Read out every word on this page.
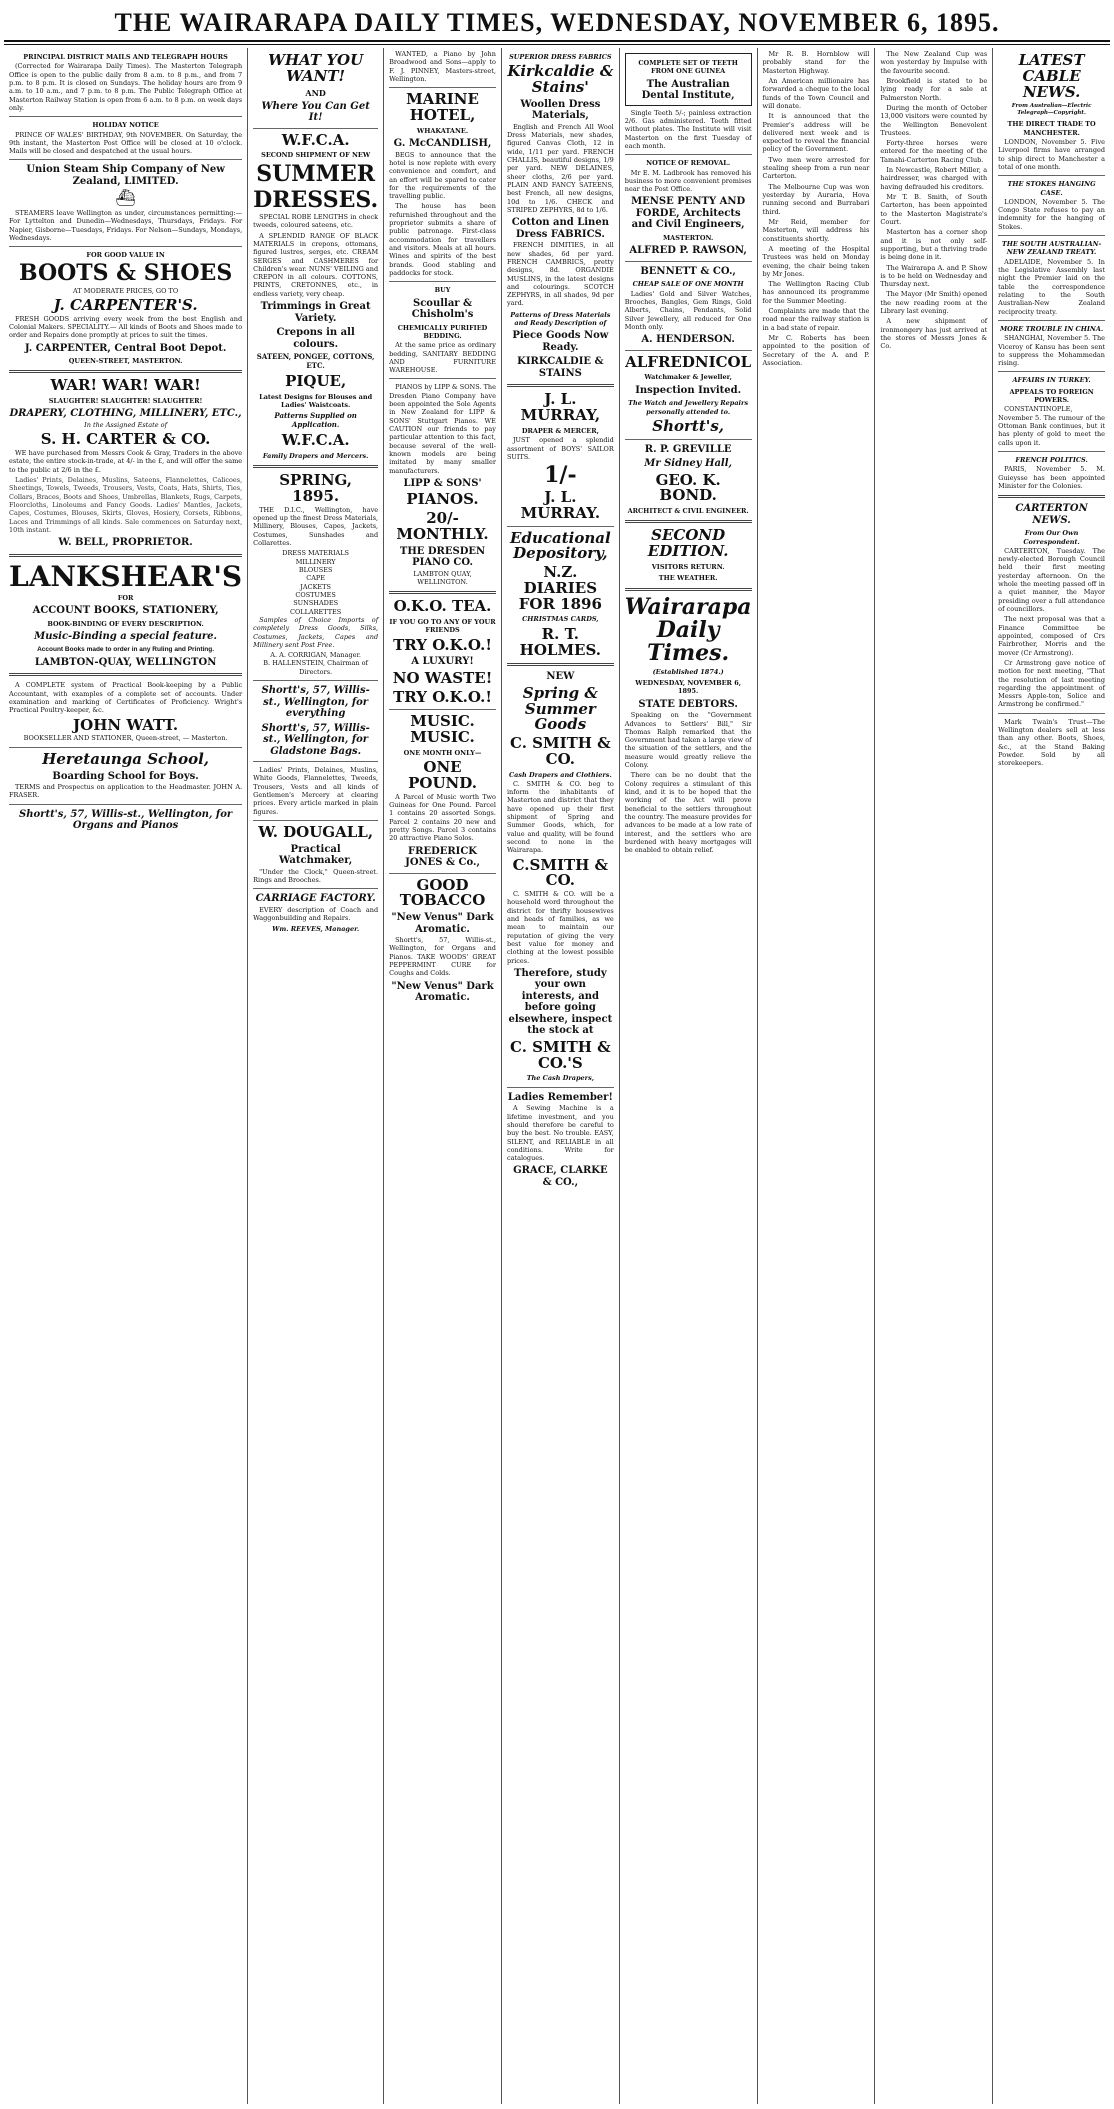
THE WAIRARAPA DAILY TIMES, WEDNESDAY, NOVEMBER 6, 1895.
PRINCIPAL DISTRICT MAILS AND TELEGRAPH HOURS

(Corrected for Wairarapa Daily Times). The Masterton Telegraph Office is open to the public daily from 8 a.m. to 8 p.m., and from 7 p.m. to 8 p.m. It is closed on Sundays. The holiday hours are from 9 a.m. to 10 a.m., and 7 p.m. to 8 p.m. The Public Telegraph Office at Masterton Railway Station is open from 6 a.m. to 8 p.m. on week days only.

HOLIDAY NOTICE

PRINCE OF WALES' BIRTHDAY, 9th NOVEMBER. On Saturday, the 9th instant, the Masterton Post Office will be closed at 10 o'clock. Mails will be closed and despatched at the usual hours.

Union Steam Ship Company of New Zealand, LIMITED.
⛴

STEAMERS leave Wellington as under, circumstances permitting:— For Lyttelton and Dunedin—Wednesdays, Thursdays, Fridays. For Napier, Gisborne—Tuesdays, Fridays. For Nelson—Sundays, Mondays, Wednesdays.

FOR GOOD VALUE IN
BOOTS & SHOES
AT MODERATE PRICES, GO TO
J. CARPENTER'S.

FRESH GOODS arriving every week from the best English and Colonial Makers. SPECIALITY.— All kinds of Boots and Shoes made to order and Repairs done promptly at prices to suit the times.

J. CARPENTER, Central Boot Depot.
QUEEN-STREET, MASTERTON.
WAR! WAR! WAR!
SLAUGHTER! SLAUGHTER! SLAUGHTER!
DRAPERY, CLOTHING, MILLINERY, ETC.,
In the Assigned Estate of
S. H. CARTER & CO.

WE have purchased from Messrs Cook & Gray, Traders in the above estate, the entire stock-in-trade, at 4/- in the £, and will offer the same to the public at 2/6 in the £.

Ladies' Prints, Delaines, Muslins, Sateens, Flannelettes, Calicoes, Sheetings, Towels, Tweeds, Trousers, Vests, Coats, Hats, Shirts, Ties, Collars, Braces, Boots and Shoes, Umbrellas, Blankets, Rugs, Carpets, Floorcloths, Linoleums and Fancy Goods. Ladies' Mantles, Jackets, Capes, Costumes, Blouses, Skirts, Gloves, Hosiery, Corsets, Ribbons, Laces and Trimmings of all kinds. Sale commences on Saturday next, 10th instant.

W. BELL, PROPRIETOR.
LANKSHEAR'S
FOR
ACCOUNT BOOKS, STATIONERY,
BOOK-BINDING OF EVERY DESCRIPTION.
Music-Binding a special feature.
Account Books made to order in any Ruling and Printing.
LAMBTON-QUAY, WELLINGTON

A COMPLETE system of Practical Book-keeping by a Public Accountant, with examples of a complete set of accounts. Under examination and marking of Certificates of Proficiency. Wright's Practical Poultry-keeper, &c.

JOHN WATT.
BOOKSELLER AND STATIONER, Queen-street, — Masterton.
Heretaunga School,
Boarding School for Boys.

TERMS and Prospectus on application to the Headmaster. JOHN A. FRASER.

Shortt's, 57, Willis-st., Wellington, for Organs and Pianos
WHAT YOU WANT!
AND
Where You Can Get It!
W.F.C.A.
SECOND SHIPMENT OF NEW
SUMMER
DRESSES.

SPECIAL ROBE LENGTHS in check tweeds, coloured sateens, etc.

A SPLENDID RANGE OF BLACK MATERIALS in crepons, ottomans, figured lustres, serges, etc. CREAM SERGES and CASHMERES for Children's wear. NUNS' VEILING and CREPON in all colours. COTTONS, PRINTS, CRETONNES, etc., in endless variety, very cheap.

Trimmings in Great Variety.
Crepons in all colours.
SATEEN, PONGEE, COTTONS, ETC.
PIQUE,
Latest Designs for Blouses and Ladies' Waistcoats.
Patterns Supplied on Application.
W.F.C.A.
Family Drapers and Mercers.
SPRING, 1895.

THE D.I.C., Wellington, have opened up the finest Dress Materials, Millinery, Blouses, Capes, Jackets, Costumes, Sunshades and Collarettes.

DRESS MATERIALS
MILLINERY
BLOUSES
CAPE
JACKETS
COSTUMES
SUNSHADES
COLLARETTES

Samples of Choice Imports of completely Dress Goods, Silks, Costumes, Jackets, Capes and Millinery sent Post Free.

A. A. CORRIGAN, Manager.
B. HALLENSTEIN, Chairman of Directors.
Shortt's, 57, Willis-st., Wellington, for everything
Shortt's, 57, Willis-st., Wellington, for Gladstone Bags.

Ladies' Prints, Delaines, Muslins, White Goods, Flannelettes, Tweeds, Trousers, Vests and all kinds of Gentlemen's Mercery at clearing prices. Every article marked in plain figures.

W. DOUGALL,
Practical Watchmaker,

"Under the Clock," Queen-street. Rings and Brooches.

CARRIAGE FACTORY.

EVERY description of Coach and Waggonbuilding and Repairs.

Wm. REEVES, Manager.

WANTED, a Piano by John Broadwood and Sons—apply to F. J. PINNEY, Masters-street, Wellington.

MARINE HOTEL,
WHAKATANE.
G. McCANDLISH,

BEGS to announce that the hotel is now replete with every convenience and comfort, and an effort will be spared to cater for the requirements of the travelling public.

The house has been refurnished throughout and the proprietor submits a share of public patronage. First-class accommodation for travellers and visitors. Meals at all hours. Wines and spirits of the best brands. Good stabling and paddocks for stock.

BUY
Scoullar & Chisholm's
CHEMICALLY PURIFIED BEDDING.

At the same price as ordinary bedding, SANITARY BEDDING AND FURNITURE WAREHOUSE.

PIANOS by LIPP & SONS. The Dresden Piano Company have been appointed the Sole Agents in New Zealand for LIPP & SONS' Stuttgart Pianos. WE CAUTION our friends to pay particular attention to this fact, because several of the well-known models are being imitated by many smaller manufacturers.

LIPP & SONS'
PIANOS.
20/- MONTHLY.
THE DRESDEN PIANO CO.
LAMBTON QUAY, WELLINGTON.
O.K.O. TEA.
IF YOU GO TO ANY OF YOUR FRIENDS
TRY O.K.O.!
A LUXURY!
NO WASTE!
TRY O.K.O.!
MUSIC. MUSIC.
ONE MONTH ONLY—
ONE POUND.

A Parcel of Music worth Two Guineas for One Pound. Parcel 1 contains 20 assorted Songs. Parcel 2 contains 20 new and pretty Songs. Parcel 3 contains 20 attractive Piano Solos.

FREDERICK JONES & Co.,
GOOD TOBACCO
"New Venus" Dark Aromatic.

Shortt's, 57, Willis-st., Wellington, for Organs and Pianos. TAKE WOODS' GREAT PEPPERMINT CURE for Coughs and Colds.

"New Venus" Dark Aromatic.
SUPERIOR DRESS FABRICS
Kirkcaldie & Stains'
Woollen Dress Materials,

English and French All Wool Dress Materials, new shades, figured Canvas Cloth, 12 in wide, 1/11 per yard. FRENCH CHALLIS, beautiful designs, 1/9 per yard. NEW DELAINES, sheer cloths, 2/6 per yard. PLAIN AND FANCY SATEENS, best French, all new designs, 10d to 1/6. CHECK and STRIPED ZEPHYRS, 8d to 1/6.

Cotton and Linen Dress FABRICS.

FRENCH DIMITIES, in all new shades, 6d per yard. FRENCH CAMBRICS, pretty designs, 8d. ORGANDIE MUSLINS, in the latest designs and colourings. SCOTCH ZEPHYRS, in all shades, 9d per yard.

Patterns of Dress Materials and Ready Description of
Piece Goods Now Ready.
KIRKCALDIE & STAINS
J. L. MURRAY,
DRAPER & MERCER,

JUST opened a splendid assortment of BOYS' SAILOR SUITS.

1/-
J. L. MURRAY.
Educational Depository,
N.Z. DIARIES FOR 1896
CHRISTMAS CARDS,
R. T. HOLMES.
NEW
Spring & Summer Goods
C. SMITH & CO.
Cash Drapers and Clothiers.

C. SMITH & CO. beg to inform the inhabitants of Masterton and district that they have opened up their first shipment of Spring and Summer Goods, which, for value and quality, will be found second to none in the Wairarapa.

C.SMITH & CO.

C. SMITH & CO. will be a household word throughout the district for thrifty housewives and heads of families, as we mean to maintain our reputation of giving the very best value for money and clothing at the lowest possible prices.

Therefore, study your own interests, and before going elsewhere, inspect the stock at
C. SMITH & CO.'S
The Cash Drapers,
Ladies Remember!

A Sewing Machine is a lifetime investment, and you should therefore be careful to buy the best. No trouble. EASY, SILENT, and RELIABLE in all conditions. Write for catalogues.

GRACE, CLARKE & CO.,
COMPLETE SET OF TEETH FROM ONE GUINEA
The Australian Dental Institute,

Single Teeth 5/-; painless extraction 2/6. Gas administered. Teeth fitted without plates. The Institute will visit Masterton on the first Tuesday of each month.

NOTICE OF REMOVAL.

Mr E. M. Ladbrook has removed his business to more convenient premises near the Post Office.

MENSE PENTY AND FORDE, Architects and Civil Engineers,
MASTERTON.
ALFRED P. RAWSON,
BENNETT & CO.,
CHEAP SALE OF ONE MONTH

Ladies' Gold and Silver Watches, Brooches, Bangles, Gem Rings, Gold Alberts, Chains, Pendants, Solid Silver Jewellery, all reduced for One Month only.

A. HENDERSON.
ALFREDNICOL
Watchmaker & Jeweller,
Inspection Invited.
The Watch and Jewellery Repairs personally attended to.
Shortt's,
R. P. GREVILLE
Mr Sidney Hall,
GEO. K. BOND.
ARCHITECT & CIVIL ENGINEER.
SECOND EDITION.
VISITORS RETURN.
THE WEATHER.
Wairarapa Daily Times.
(Established 1874.)
WEDNESDAY, NOVEMBER 6, 1895.
STATE DEBTORS.

Speaking on the "Government Advances to Settlers' Bill," Sir Thomas Ralph remarked that the Government had taken a large view of the situation of the settlers, and the measure would greatly relieve the Colony.

There can be no doubt that the Colony requires a stimulant of this kind, and it is to be hoped that the working of the Act will prove beneficial to the settlers throughout the country. The measure provides for advances to be made at a low rate of interest, and the settlers who are burdened with heavy mortgages will be enabled to obtain relief.

Mr R. B. Hornblow will probably stand for the Masterton Highway.

An American millionaire has forwarded a cheque to the local funds of the Town Council and will donate.

It is announced that the Premier's address will be delivered next week and is expected to reveal the financial policy of the Government.

Two men were arrested for stealing sheep from a run near Carterton.

The Melbourne Cup was won yesterday by Auraria, Hova running second and Burrabari third.

Mr Reid, member for Masterton, will address his constituents shortly.

A meeting of the Hospital Trustees was held on Monday evening, the chair being taken by Mr Jones.

The Wellington Racing Club has announced its programme for the Summer Meeting.

Complaints are made that the road near the railway station is in a bad state of repair.

Mr C. Roberts has been appointed to the position of Secretary of the A. and P. Association.

The New Zealand Cup was won yesterday by Impulse with the favourite second.

Brookfield is stated to be lying ready for a sale at Palmerston North.

During the month of October 13,000 visitors were counted by the Wellington Benevolent Trustees.

Forty-three horses were entered for the meeting of the Tamahi-Carterton Racing Club.

In Newcastle, Robert Miller, a hairdresser, was charged with having defrauded his creditors.

Mr T. B. Smith, of South Carterton, has been appointed to the Masterton Magistrate's Court.

Masterton has a corner shop and it is not only self-supporting, but a thriving trade is being done in it.

The Wairarapa A. and P. Show is to be held on Wednesday and Thursday next.

The Mayor (Mr Smith) opened the new reading room at the Library last evening.

A new shipment of ironmongery has just arrived at the stores of Messrs Jones & Co.

LATEST CABLE NEWS.
From Australian—Electric Telegraph—Copyright.
THE DIRECT TRADE TO MANCHESTER.

LONDON, November 5. Five Liverpool firms have arranged to ship direct to Manchester a total of one month.

THE STOKES HANGING CASE.

LONDON, November 5. The Congo State refuses to pay an indemnity for the hanging of Stokes.

THE SOUTH AUSTRALIAN-NEW ZEALAND TREATY.

ADELAIDE, November 5. In the Legislative Assembly last night the Premier laid on the table the correspondence relating to the South Australian-New Zealand reciprocity treaty.

MORE TROUBLE IN CHINA.

SHANGHAI, November 5. The Viceroy of Kansu has been sent to suppress the Mohammedan rising.

AFFAIRS IN TURKEY.
APPEALS TO FOREIGN POWERS.

CONSTANTINOPLE, November 5. The rumour of the Ottoman Bank continues, but it has plenty of gold to meet the calls upon it.

FRENCH POLITICS.

PARIS, November 5. M. Guieysse has been appointed Minister for the Colonies.

CARTERTON NEWS.
From Our Own Correspondent.

CARTERTON, Tuesday. The newly-elected Borough Council held their first meeting yesterday afternoon. On the whole the meeting passed off in a quiet manner, the Mayor presiding over a full attendance of councillors.

The next proposal was that a Finance Committee be appointed, composed of Crs Fairbrother, Morris and the mover (Cr Armstrong).

Cr Armstrong gave notice of motion for next meeting, "That the resolution of last meeting regarding the appointment of Messrs Apple-ton, Solice and Armstrong be confirmed."

Mark Twain's Trust—The Wellington dealers sell at less than any other. Boots, Shoes, &c., at the Stand Baking Powder. Sold by all storekeepers.
